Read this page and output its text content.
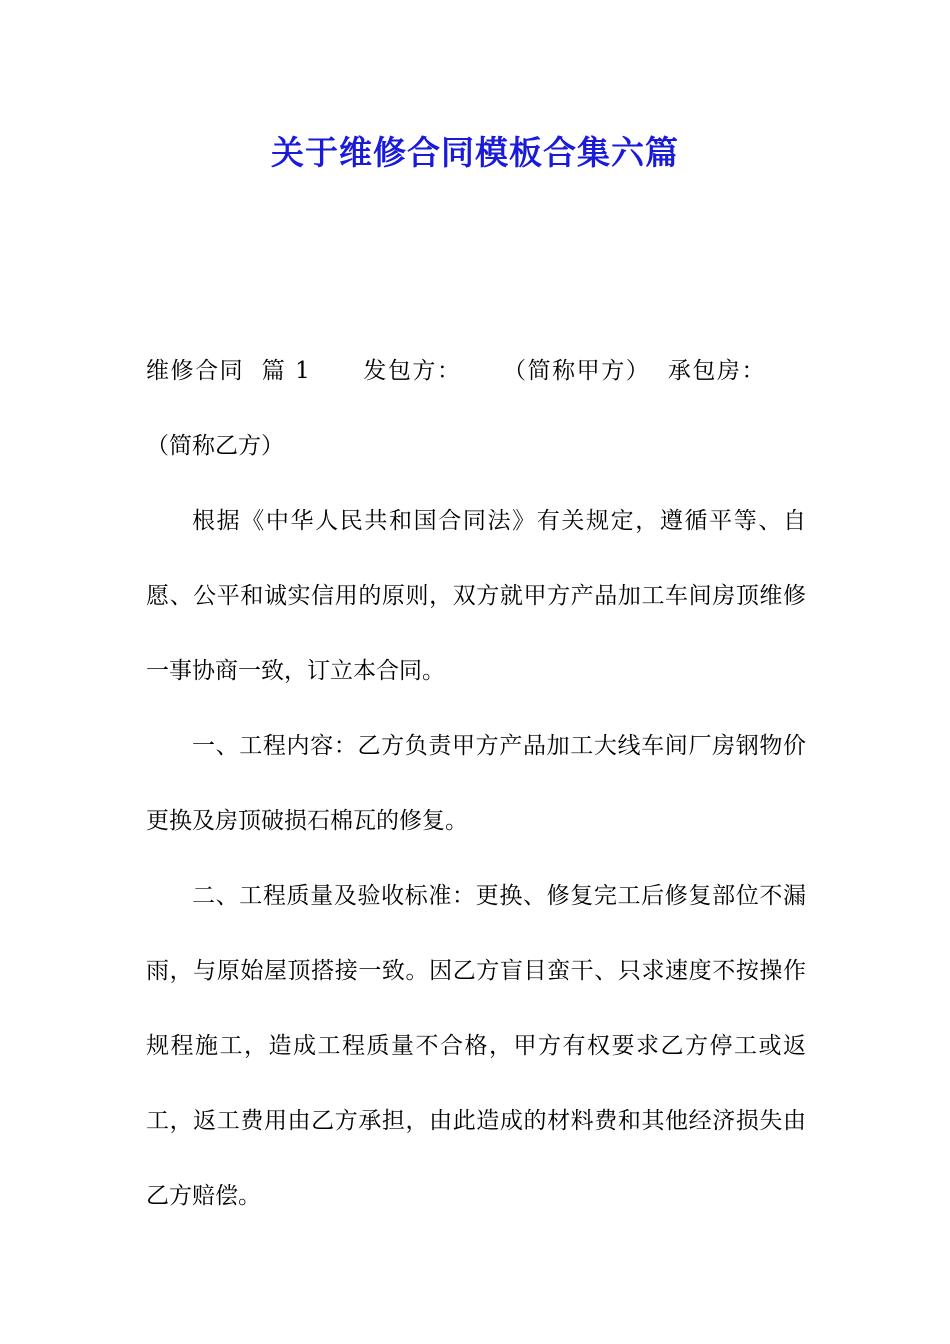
关于维修合同模板合集六篇

维修合同 篇 1 发包方： （简称甲方） 承包房：（简称乙方）

根据《中华人民共和国合同法》有关规定，遵循平等、自愿、公平和诚实信用的原则，双方就甲方产品加工车间房顶维修一事协商一致，订立本合同。

一、工程内容：乙方负责甲方产品加工大线车间厂房钢物价更换及房顶破损石棉瓦的修复。

二、工程质量及验收标准：更换、修复完工后修复部位不漏雨，与原始屋顶搭接一致。因乙方盲目蛮干、只求速度不按操作规程施工，造成工程质量不合格，甲方有权要求乙方停工或返工，返工费用由乙方承担，由此造成的材料费和其他经济损失由乙方赔偿。
